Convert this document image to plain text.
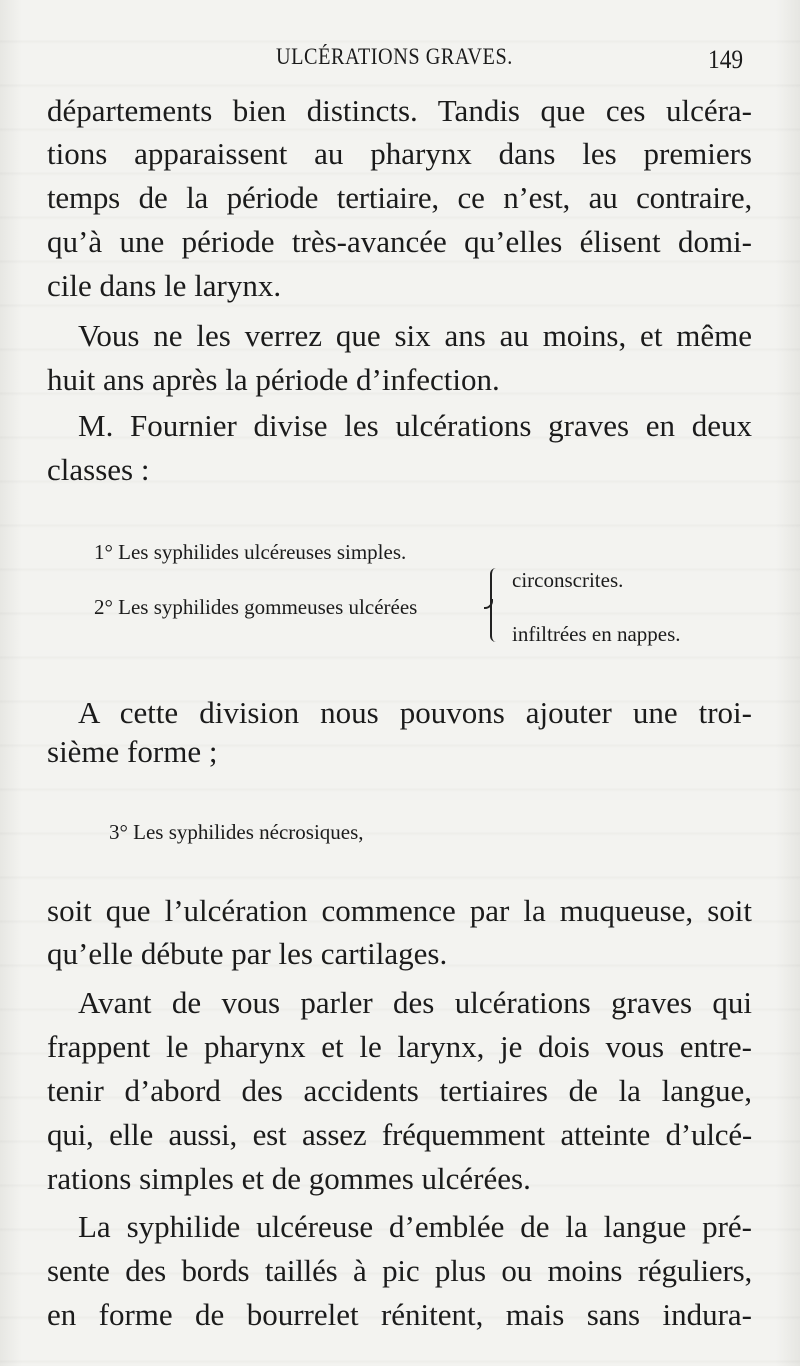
ULCÉRATIONS GRAVES.	149
départements bien distincts. Tandis que ces ulcéra-
tions apparaissent au pharynx dans les premiers
temps de la période tertiaire, ce n’est, au contraire,
qu’à une période très-avancée qu’elles élisent domi-
cile dans le larynx.
Vous ne les verrez que six ans au moins, et même
huit ans après la période d’infection.
M. Fournier divise les ulcérations graves en deux
classes :
1° Les syphilides ulcéreuses simples.
2° Les syphilides gommeuses ulcérées
circonscrites.
infiltrées en nappes.
A cette division nous pouvons ajouter une troi-
sième forme ;
3° Les syphilides nécrosiques,
soit que l’ulcération commence par la muqueuse, soit
qu’elle débute par les cartilages.
Avant de vous parler des ulcérations graves qui
frappent le pharynx et le larynx, je dois vous entre-
tenir d’abord des accidents tertiaires de la langue,
qui, elle aussi, est assez fréquemment atteinte d’ulcé-
rations simples et de gommes ulcérées.
La syphilide ulcéreuse d’emblée de la langue pré-
sente des bords taillés à pic plus ou moins réguliers,
en forme de bourrelet rénitent, mais sans indura-
